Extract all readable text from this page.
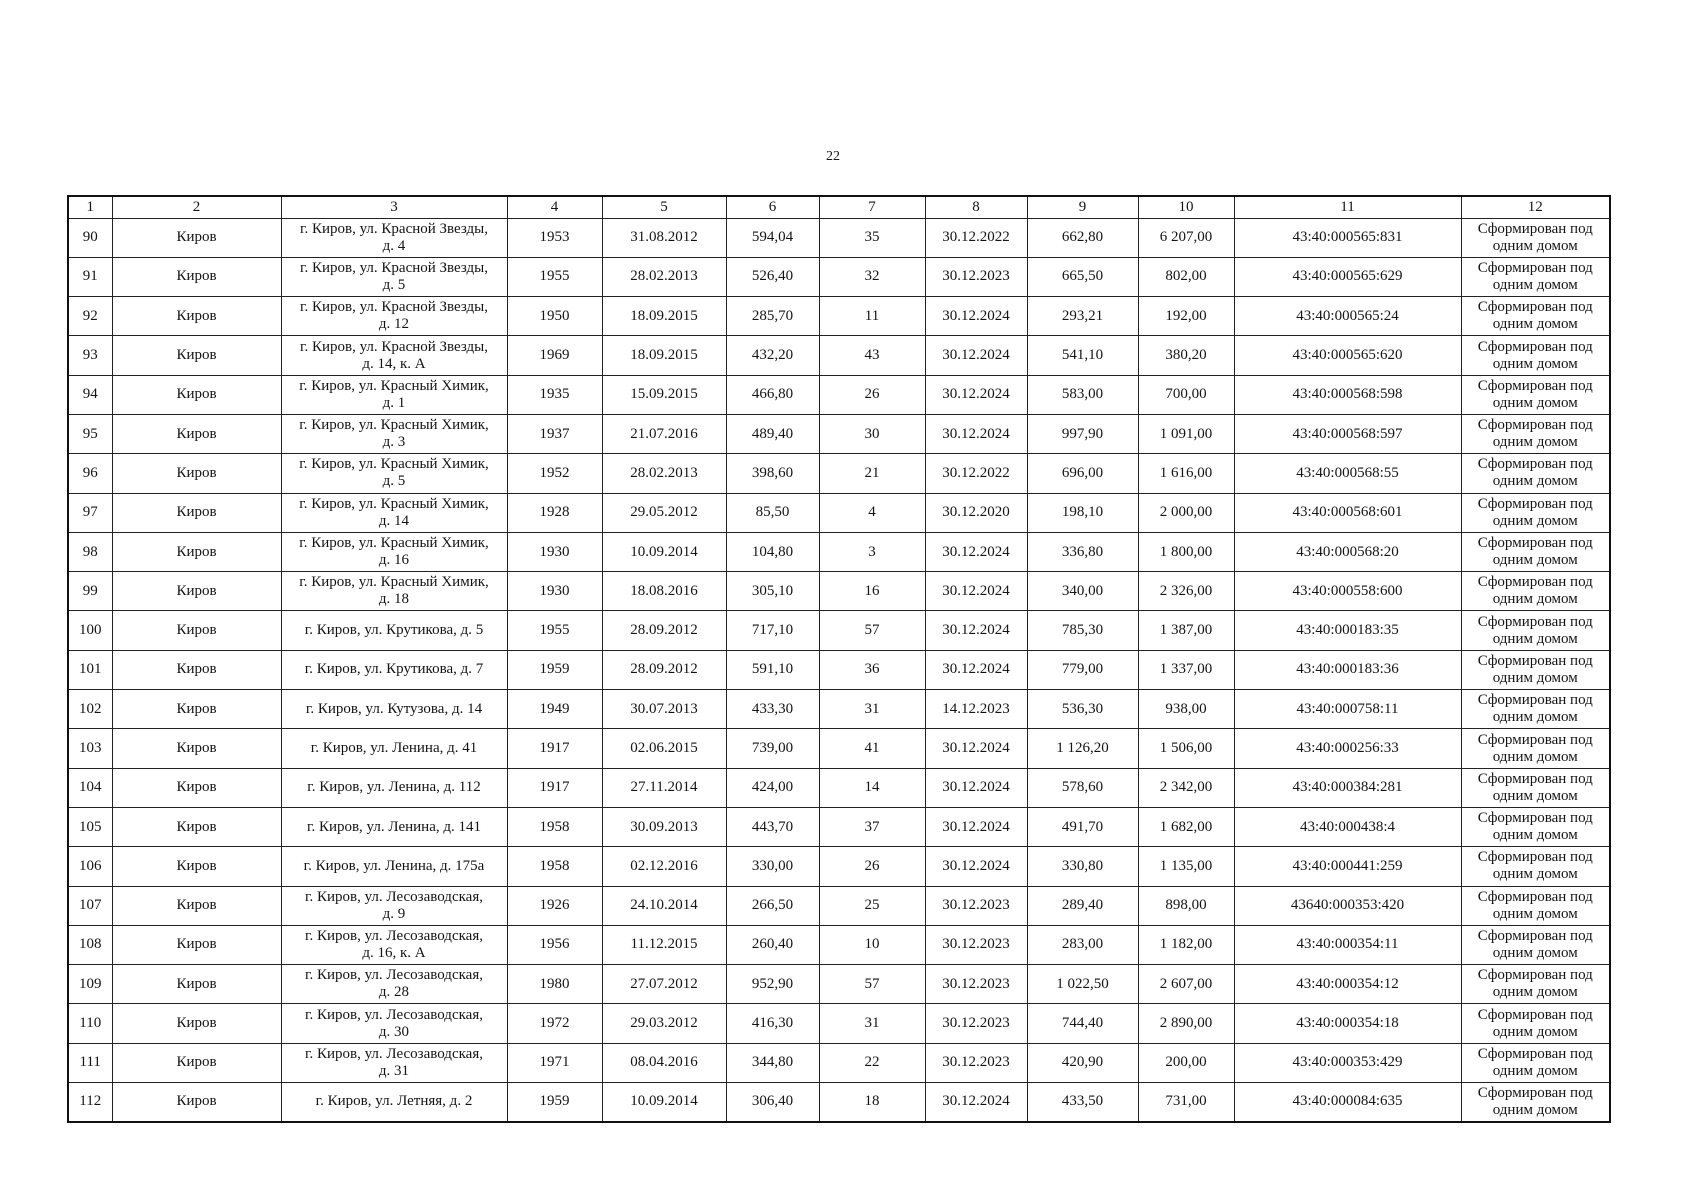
22
1	2	3	4	5	6	7	8	9	10	11	12
90	Киров	г. Киров, ул. Красной Звезды,
д. 4	1953	31.08.2012	594,04	35	30.12.2022	662,80	6 207,00	43:40:000565:831	Сформирован под
одним домом

91	Киров	г. Киров, ул. Красной Звезды,
д. 5	1955	28.02.2013	526,40	32	30.12.2023	665,50	802,00	43:40:000565:629	Сформирован под
одним домом

92	Киров	г. Киров, ул. Красной Звезды,
д. 12	1950	18.09.2015	285,70	11	30.12.2024	293,21	192,00	43:40:000565:24	Сформирован под
одним домом

93	Киров	г. Киров, ул. Красной Звезды,
д. 14, к. А	1969	18.09.2015	432,20	43	30.12.2024	541,10	380,20	43:40:000565:620	Сформирован под
одним домом

94	Киров	г. Киров, ул. Красный Химик,
д. 1	1935	15.09.2015	466,80	26	30.12.2024	583,00	700,00	43:40:000568:598	Сформирован под
одним домом

95	Киров	г. Киров, ул. Красный Химик,
д. 3	1937	21.07.2016	489,40	30	30.12.2024	997,90	1 091,00	43:40:000568:597	Сформирован под
одним домом

96	Киров	г. Киров, ул. Красный Химик,
д. 5	1952	28.02.2013	398,60	21	30.12.2022	696,00	1 616,00	43:40:000568:55	Сформирован под
одним домом

97	Киров	г. Киров, ул. Красный Химик,
д. 14	1928	29.05.2012	85,50	4	30.12.2020	198,10	2 000,00	43:40:000568:601	Сформирован под
одним домом

98	Киров	г. Киров, ул. Красный Химик,
д. 16	1930	10.09.2014	104,80	3	30.12.2024	336,80	1 800,00	43:40:000568:20	Сформирован под
одним домом

99	Киров	г. Киров, ул. Красный Химик,
д. 18	1930	18.08.2016	305,10	16	30.12.2024	340,00	2 326,00	43:40:000558:600	Сформирован под
одним домом

100	Киров	г. Киров, ул. Крутикова, д. 5	1955	28.09.2012	717,10	57	30.12.2024	785,30	1 387,00	43:40:000183:35	Сформирован под
одним домом

101	Киров	г. Киров, ул. Крутикова, д. 7	1959	28.09.2012	591,10	36	30.12.2024	779,00	1 337,00	43:40:000183:36	Сформирован под
одним домом

102	Киров	г. Киров, ул. Кутузова, д. 14	1949	30.07.2013	433,30	31	14.12.2023	536,30	938,00	43:40:000758:11	Сформирован под
одним домом

103	Киров	г. Киров, ул. Ленина, д. 41	1917	02.06.2015	739,00	41	30.12.2024	1 126,20	1 506,00	43:40:000256:33	Сформирован под
одним домом

104	Киров	г. Киров, ул. Ленина, д. 112	1917	27.11.2014	424,00	14	30.12.2024	578,60	2 342,00	43:40:000384:281	Сформирован под
одним домом

105	Киров	г. Киров, ул. Ленина, д. 141	1958	30.09.2013	443,70	37	30.12.2024	491,70	1 682,00	43:40:000438:4	Сформирован под
одним домом

106	Киров	г. Киров, ул. Ленина, д. 175а	1958	02.12.2016	330,00	26	30.12.2024	330,80	1 135,00	43:40:000441:259	Сформирован под
одним домом

107	Киров	г. Киров, ул. Лесозаводская,
д. 9	1926	24.10.2014	266,50	25	30.12.2023	289,40	898,00	43640:000353:420	Сформирован под
одним домом

108	Киров	г. Киров, ул. Лесозаводская,
д. 16, к. А	1956	11.12.2015	260,40	10	30.12.2023	283,00	1 182,00	43:40:000354:11	Сформирован под
одним домом

109	Киров	г. Киров, ул. Лесозаводская,
д. 28	1980	27.07.2012	952,90	57	30.12.2023	1 022,50	2 607,00	43:40:000354:12	Сформирован под
одним домом

110	Киров	г. Киров, ул. Лесозаводская,
д. 30	1972	29.03.2012	416,30	31	30.12.2023	744,40	2 890,00	43:40:000354:18	Сформирован под
одним домом

111	Киров	г. Киров, ул. Лесозаводская,
д. 31	1971	08.04.2016	344,80	22	30.12.2023	420,90	200,00	43:40:000353:429	Сформирован под
одним домом

112	Киров	г. Киров, ул. Летняя, д. 2	1959	10.09.2014	306,40	18	30.12.2024	433,50	731,00	43:40:000084:635	Сформирован под
одним домом
